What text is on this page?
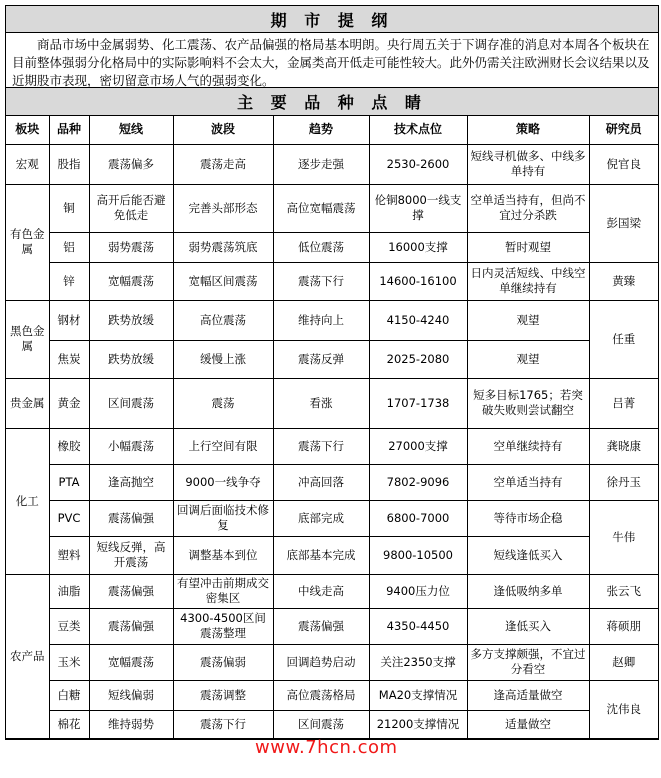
期 市 提 纲
商品市场中金属弱势、化工震荡、农产品偏强的格局基本明朗。央行周五关于下调存准的消息对本周各个板块在目前整体强弱分化格局中的实际影响料不会太大，金属类高开低走可能性较大。此外仍需关注欧洲财长会议结果以及近期股市表现，密切留意市场人气的强弱变化。
主 要 品 种 点 睛
板块	品种	短线	波段	趋势	技术点位	策略	研究员
宏观	股指	震荡偏多	震荡走高	逐步走强	2530-2600	短线寻机做多、中线多单持有	倪官良
有色金属	铜	高开后能否避免低走	完善头部形态	高位宽幅震荡	伦铜8000一线支撑	空单适当持有，但尚不宜过分杀跌	彭国梁
	铝	弱势震荡	弱势震荡筑底	低位震荡	16000支撑	暂时观望	
	锌	宽幅震荡	宽幅区间震荡	震荡下行	14600-16100	日内灵活短线、中线空单继续持有	黄臻
黑色金属	钢材	跌势放缓	高位震荡	维持向上	4150-4240	观望	任重
	焦炭	跌势放缓	缓慢上涨	震荡反弹	2025-2080	观望	
贵金属	黄金	区间震荡	震荡	看涨	1707-1738	短多目标1765；若突破失败则尝试翻空	吕菁
化工	橡胶	小幅震荡	上行空间有限	震荡下行	27000支撑	空单继续持有	龚晓康
	PTA	逢高抛空	9000一线争夺	冲高回落	7802-9096	空单适当持有	徐丹玉
	PVC	震荡偏强	回调后面临技术修复	底部完成	6800-7000	等待市场企稳	牛伟
	塑料	短线反弹，高开震荡	调整基本到位	底部基本完成	9800-10500	短线逢低买入	
农产品	油脂	震荡偏强	有望冲击前期成交密集区	中线走高	9400压力位	逢低吸纳多单	张云飞
	豆类	震荡偏强	4300-4500区间震荡整理	震荡偏强	4350-4450	逢低买入	蒋硕朋
	玉米	宽幅震荡	震荡偏弱	回调趋势启动	关注2350支撑	多方支撑颇强，不宜过分看空	赵卿
	白糖	短线偏弱	震荡调整	高位震荡格局	MA20支撑情况	逢高适量做空	沈伟良
	棉花	维持弱势	震荡下行	区间震荡	21200支撑情况	适量做空	
www.7hcn.com
